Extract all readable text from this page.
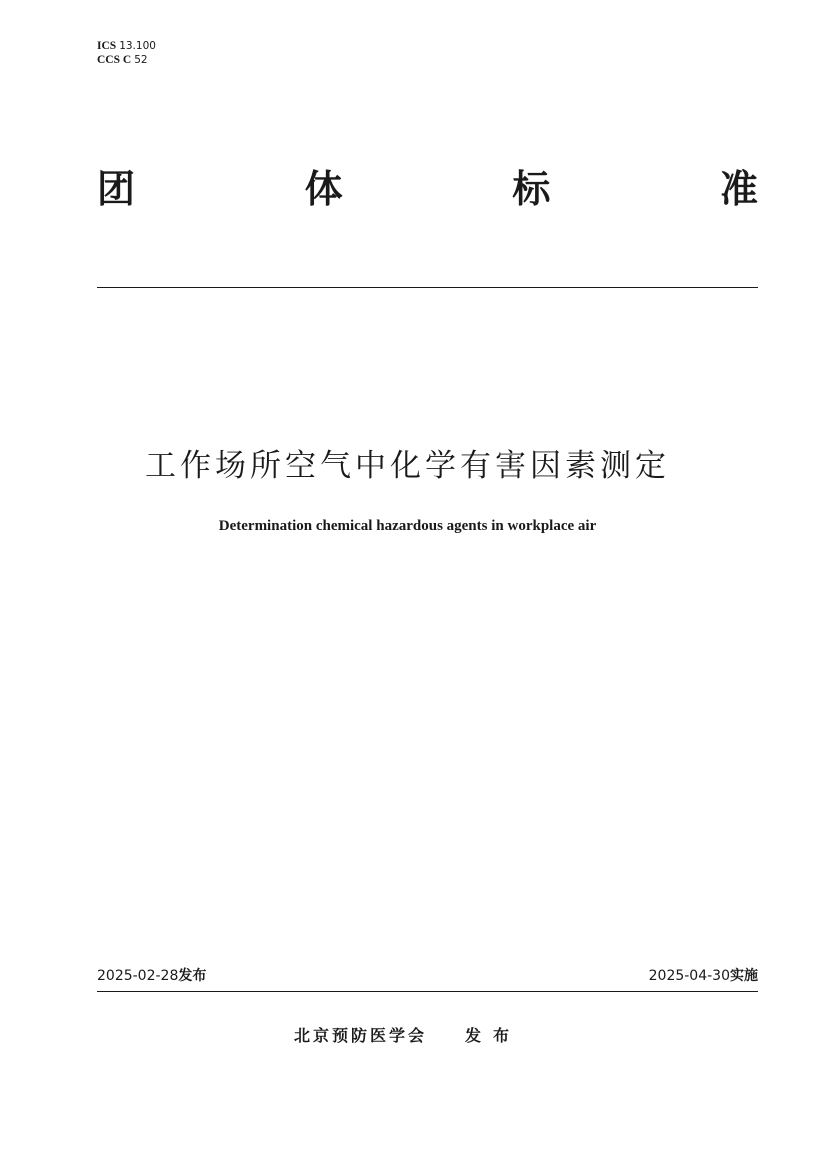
ICS 13.100
CCS C 52
团	体	标	准
工作场所空气中化学有害因素测定
Determination chemical hazardous agents in workplace air
2025-02-28发布	2025-04-30实施
北京预防医学会 发布
